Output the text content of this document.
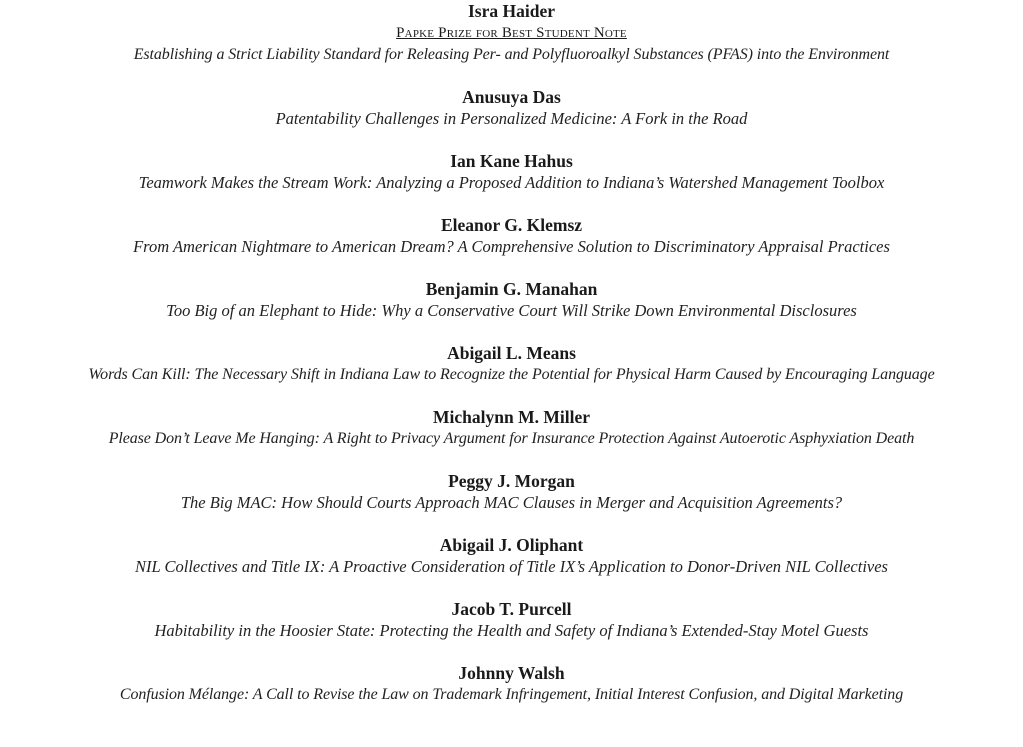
Isra Haider
Papke Prize for Best Student Note
Establishing a Strict Liability Standard for Releasing Per- and Polyfluoroalkyl Substances (PFAS) into the Environment
Anusuya Das
Patentability Challenges in Personalized Medicine: A Fork in the Road
Ian Kane Hahus
Teamwork Makes the Stream Work: Analyzing a Proposed Addition to Indiana’s Watershed Management Toolbox
Eleanor G. Klemsz
From American Nightmare to American Dream? A Comprehensive Solution to Discriminatory Appraisal Practices
Benjamin G. Manahan
Too Big of an Elephant to Hide: Why a Conservative Court Will Strike Down Environmental Disclosures
Abigail L. Means
Words Can Kill: The Necessary Shift in Indiana Law to Recognize the Potential for Physical Harm Caused by Encouraging Language
Michalynn M. Miller
Please Don’t Leave Me Hanging: A Right to Privacy Argument for Insurance Protection Against Autoerotic Asphyxiation Death
Peggy J. Morgan
The Big MAC: How Should Courts Approach MAC Clauses in Merger and Acquisition Agreements?
Abigail J. Oliphant
NIL Collectives and Title IX: A Proactive Consideration of Title IX’s Application to Donor-Driven NIL Collectives
Jacob T. Purcell
Habitability in the Hoosier State: Protecting the Health and Safety of Indiana’s Extended-Stay Motel Guests
Johnny Walsh
Confusion Mélange: A Call to Revise the Law on Trademark Infringement, Initial Interest Confusion, and Digital Marketing
